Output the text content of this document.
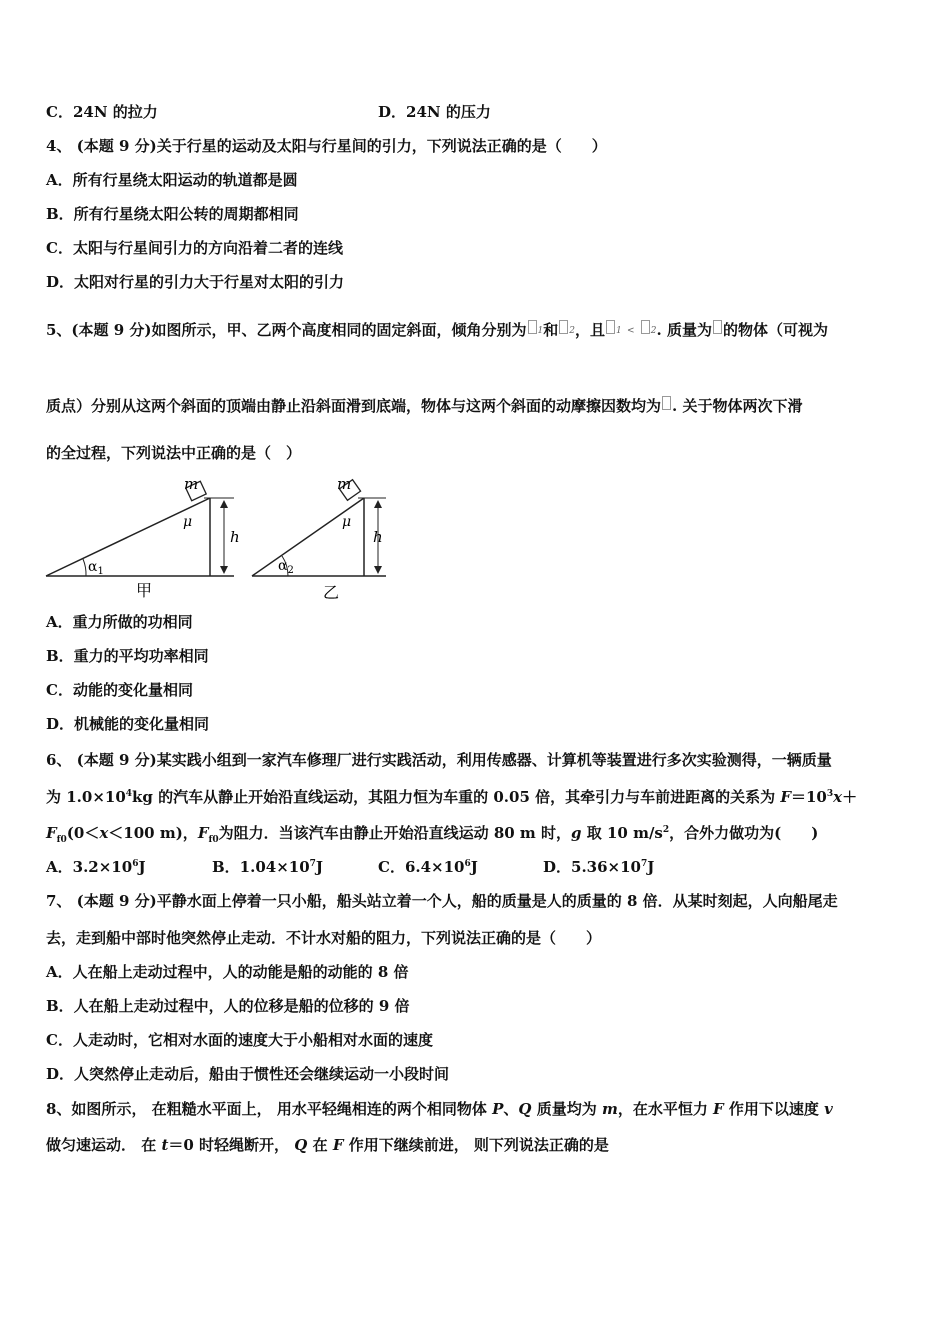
C．24N 的拉力	D．24N 的压力
4、 (本题 9 分)关于行星的运动及太阳与行星间的引力，下列说法正确的是（　　）
A．所有行星绕太阳运动的轨道都是圆
B．所有行星绕太阳公转的周期都相同
C．太阳与行星间引力的方向沿着二者的连线
D．太阳对行星的引力大于行星对太阳的引力
5、(本题 9 分)如图所示，甲、乙两个高度相同的固定斜面，倾角分别为 1和 2，且 1 < 2. 质量为 的物体（可视为
质点）分别从这两个斜面的顶端由静止沿斜面滑到底端，物体与这两个斜面的动摩擦因数均为 . 关于物体两次下滑
的全过程，下列说法中正确的是（　）
m
μ
h
$\alpha_1$
甲
m
μ
h
$\alpha_2$
乙
A．重力所做的功相同
B．重力的平均功率相同
C．动能的变化量相同
D．机械能的变化量相同
6、 (本题 9 分)某实践小组到一家汽车修理厂进行实践活动，利用传感器、计算机等装置进行多次实验测得，一辆质量
为 $1.0\times 10^4kg$ 的汽车从静止开始沿直线运动，其阻力恒为车重的 0.05 倍，其牵引力与车前进距离的关系为 $F=10^3x+$
$F_{f0}(0<x<100$ m)，$F_{f0}$为阻力．当该汽车由静止开始沿直线运动 80 m 时，g 取 10 $m/s^2$，合外力做功为(　　)
A．$3.2\times 10^6J$	B．$1.04\times 10^7J$	C．$6.4\times 10^6J$	D．$5.36\times 10^7J$
7、 (本题 9 分)平静水面上停着一只小船，船头站立着一个人，船的质量是人的质量的 8 倍．从某时刻起，人向船尾走
去，走到船中部时他突然停止走动．不计水对船的阻力，下列说法正确的是（　　）
A．人在船上走动过程中，人的动能是船的动能的 8 倍
B．人在船上走动过程中，人的位移是船的位移的 9 倍
C．人走动时，它相对水面的速度大于小船相对水面的速度
D．人突然停止走动后，船由于惯性还会继续运动一小段时间
8、如图所示， 在粗糙水平面上， 用水平轻绳相连的两个相同物体 P、Q 质量均为 m，在水平恒力 F 作用下以速度 v
做匀速运动． 在 t＝0 时轻绳断开， Q 在 F 作用下继续前进， 则下列说法正确的是
